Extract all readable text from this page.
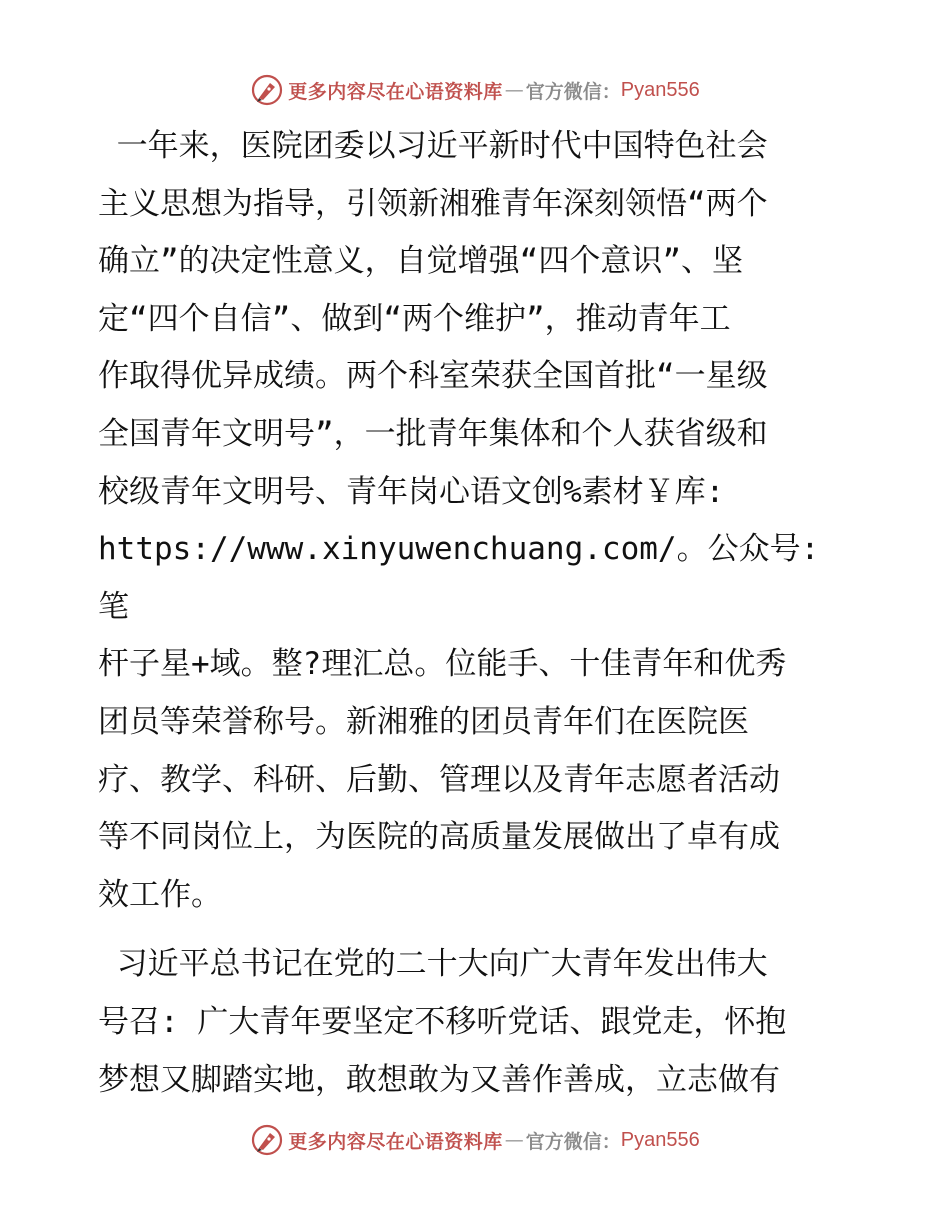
更多内容尽在心语资料库 — 官方微信： Pyan556

一年来，医院团委以习近平新时代中国特色社会
主义思想为指导，引领新湘雅青年深刻领悟“两个
确立”的决定性意义，自觉增强“四个意识”、坚
定“四个自信”、做到“两个维护”，推动青年工
作取得优异成绩。两个科室荣获全国首批“一星级
全国青年文明号”，一批青年集体和个人获省级和
校级青年文明号、青年岗心语文创%素材￥库:
https://www.xinyuwenchuang.com/。公众号: 笔
杆子星+域。整?理汇总。位能手、十佳青年和优秀
团员等荣誉称号。新湘雅的团员青年们在医院医
疗、教学、科研、后勤、管理以及青年志愿者活动
等不同岗位上，为医院的高质量发展做出了卓有成
效工作。

习近平总书记在党的二十大向广大青年发出伟大
号召: 广大青年要坚定不移听党话、跟党走，怀抱
梦想又脚踏实地，敢想敢为又善作善成，立志做有

更多内容尽在心语资料库 — 官方微信： Pyan556
